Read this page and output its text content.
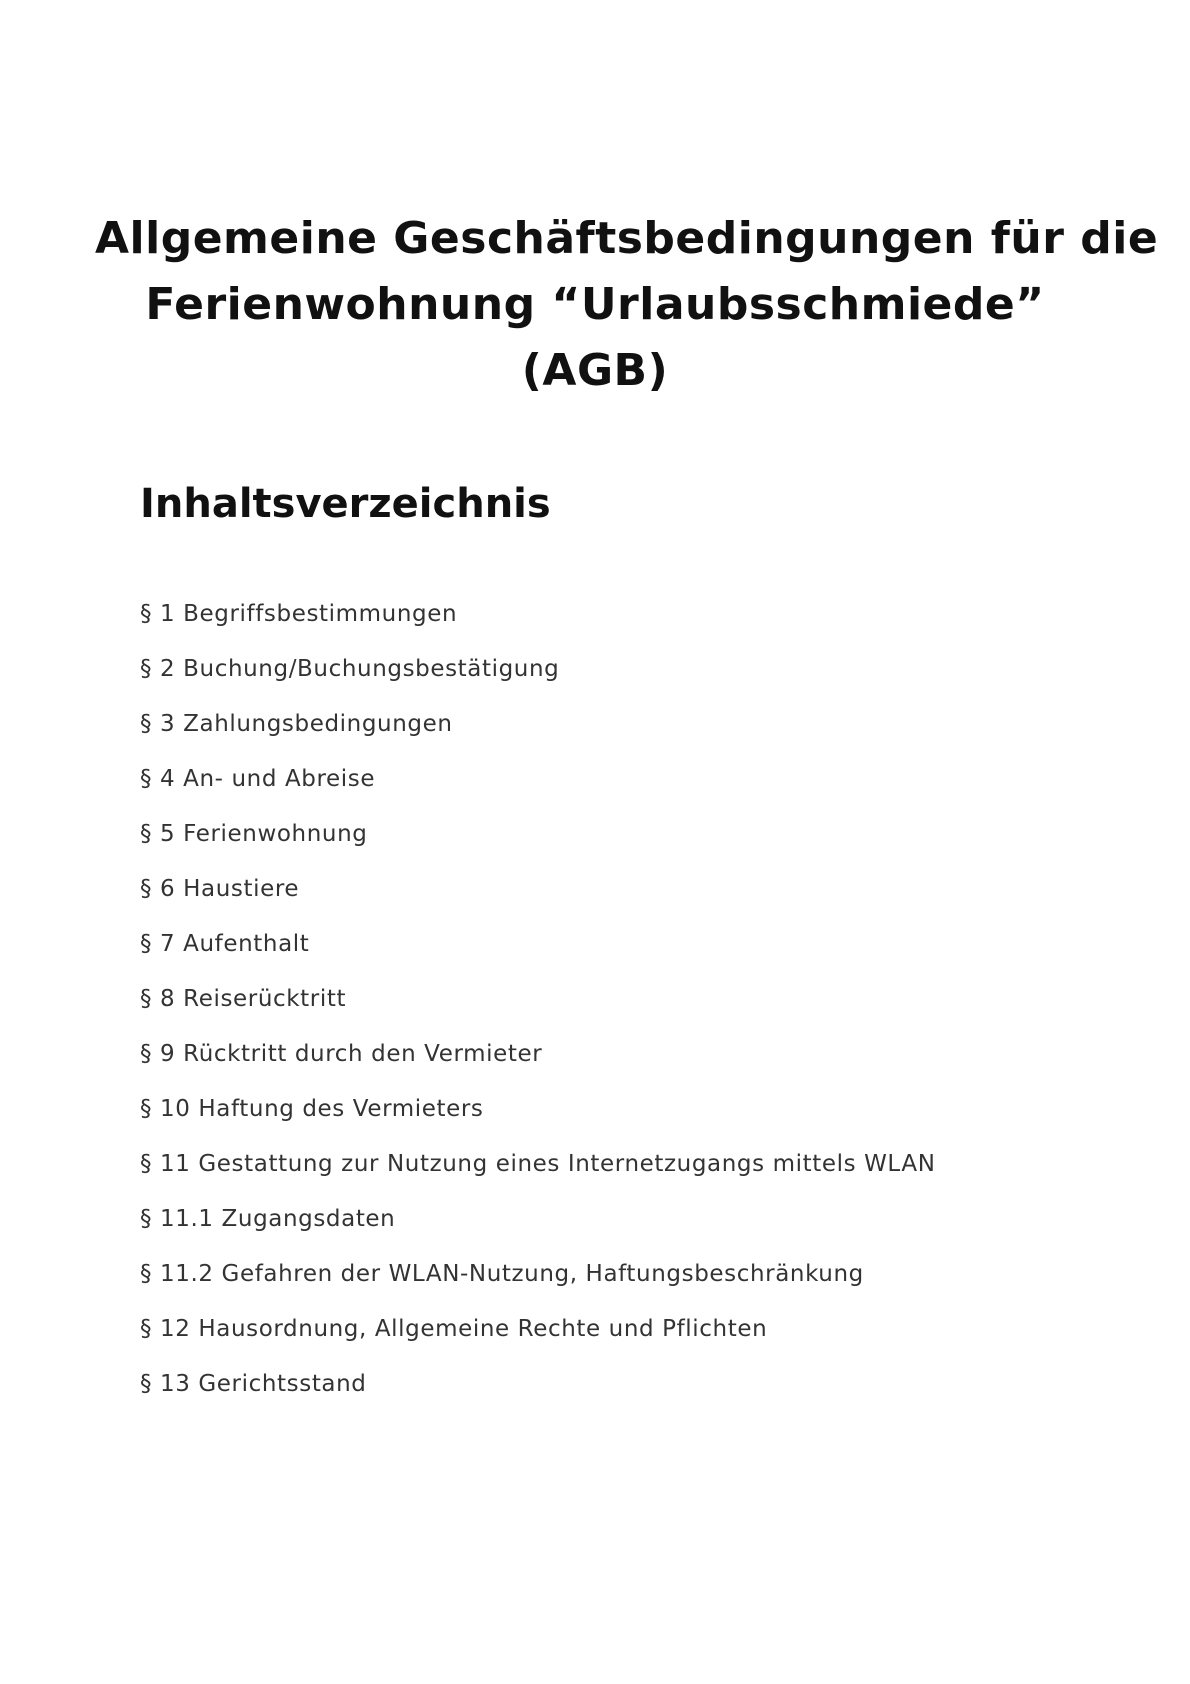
Allgemeine Geschäftsbedingungen für die
Ferienwohnung “Urlaubsschmiede”
(AGB)
Inhaltsverzeichnis
§ 1 Begriffsbestimmungen
§ 2 Buchung/Buchungsbestätigung
§ 3 Zahlungsbedingungen
§ 4 An- und Abreise
§ 5 Ferienwohnung
§ 6 Haustiere
§ 7 Aufenthalt
§ 8 Reiserücktritt
§ 9 Rücktritt durch den Vermieter
§ 10 Haftung des Vermieters
§ 11 Gestattung zur Nutzung eines Internetzugangs mittels WLAN
§ 11.1 Zugangsdaten
§ 11.2 Gefahren der WLAN-Nutzung, Haftungsbeschränkung
§ 12 Hausordnung, Allgemeine Rechte und Pflichten
§ 13 Gerichtsstand
